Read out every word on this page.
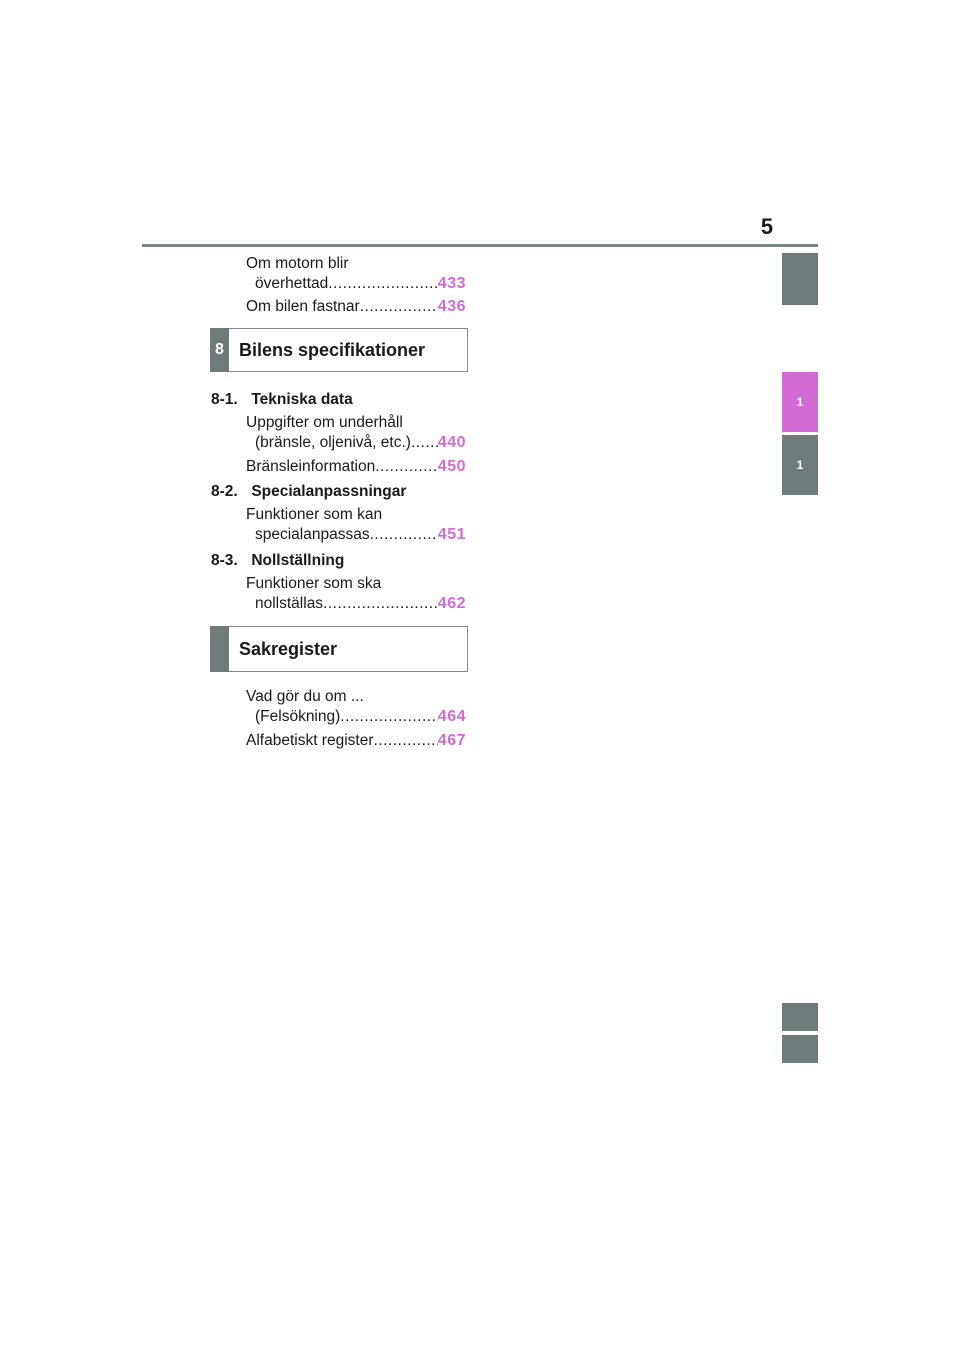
5
Om motorn blir
överhettad .....	433
Om bilen fastnar .....	436
8 Bilens specifikationer
8-1. Tekniska data
Uppgifter om underhåll
(bränsle, oljenivå, etc.) ..... 440
Bränsleinformation .....	450
8-2. Specialanpassningar
Funktioner som kan
specialanpassas .....	451
8-3. Nollställning
Funktioner som ska
nollställas .....	462
Sakregister
Vad gör du om ...
(Felsökning) .....	464
Alfabetiskt register .....	467
1
1
